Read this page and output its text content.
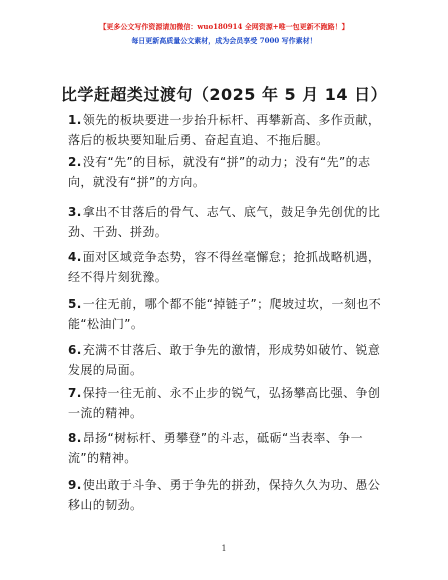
【更多公文写作资源请加微信：wuo180914 全网资源+唯一包更新不跑路！】
每日更新高质量公文素材，成为会员享受 7000 写作素材！
比学赶超类过渡句（2025 年 5 月 14 日）
1.领先的板块要进一步抬升标杆、再攀新高、多作贡献，落后的板块要知耻后勇、奋起直追、不拖后腿。
2.没有“先”的目标，就没有“拼”的动力；没有“先”的志向，就没有“拼”的方向。
3.拿出不甘落后的骨气、志气、底气，鼓足争先创优的比劲、干劲、拼劲。
4.面对区域竞争态势，容不得丝毫懈怠；抢抓战略机遇，经不得片刻犹豫。
5.一往无前，哪个都不能“掉链子”；爬坡过坎，一刻也不能“松油门”。
6.充满不甘落后、敢于争先的激情，形成势如破竹、锐意发展的局面。
7.保持一往无前、永不止步的锐气，弘扬攀高比强、争创一流的精神。
8.昂扬“树标杆、勇攀登”的斗志，砥砺“当表率、争一流”的精神。
9.使出敢于斗争、勇于争先的拼劲，保持久久为功、愚公移山的韧劲。
1
